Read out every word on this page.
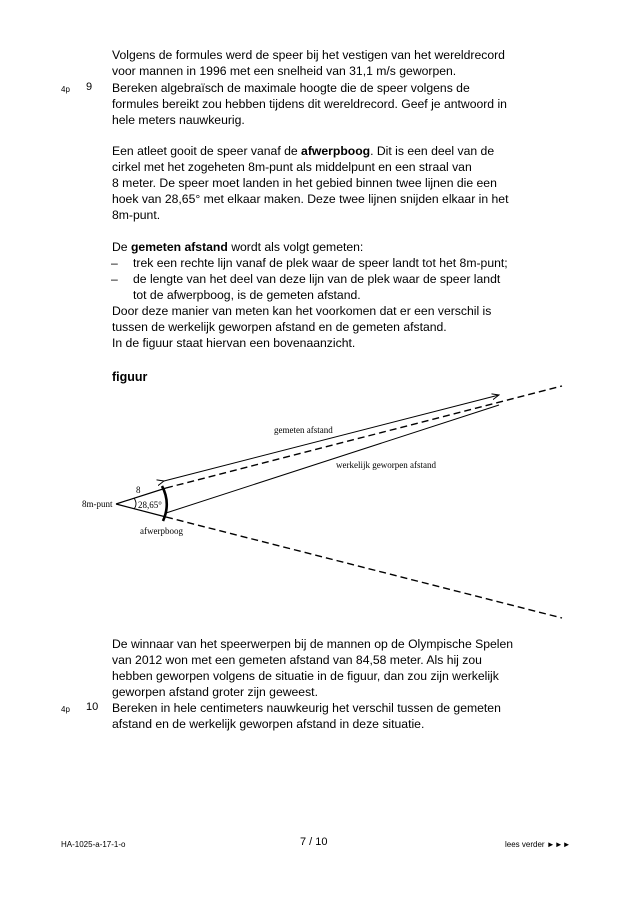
Volgens de formules werd de speer bij het vestigen van het wereldrecord

voor mannen in 1996 met een snelheid van 31,1 m/s geworpen.

4p 9 Bereken algebraïsch de maximale hoogte die de speer volgens de

formules bereikt zou hebben tijdens dit wereldrecord. Geef je antwoord in

hele meters nauwkeurig.

Een atleet gooit de speer vanaf de afwerpboog. Dit is een deel van de

cirkel met het zogeheten 8m-punt als middelpunt en een straal van

8 meter. De speer moet landen in het gebied binnen twee lijnen die een

hoek van 28,65° met elkaar maken. Deze twee lijnen snijden elkaar in het

8m-punt.

De gemeten afstand wordt als volgt gemeten:

– trek een rechte lijn vanaf de plek waar de speer landt tot het 8m-punt;

– de lengte van het deel van deze lijn van de plek waar de speer landt

tot de afwerpboog, is de gemeten afstand.

Door deze manier van meten kan het voorkomen dat er een verschil is

tussen de werkelijk geworpen afstand en de gemeten afstand.

In de figuur staat hiervan een bovenaanzicht.

figuur
gemeten afstand
werkelijk geworpen afstand
8
28,65°
8m-punt
afwerpboog

De winnaar van het speerwerpen bij de mannen op de Olympische Spelen

van 2012 won met een gemeten afstand van 84,58 meter. Als hij zou

hebben geworpen volgens de situatie in de figuur, dan zou zijn werkelijk

geworpen afstand groter zijn geweest.

4p 10 Bereken in hele centimeters nauwkeurig het verschil tussen de gemeten

afstand en de werkelijk geworpen afstand in deze situatie.

HA-1025-a-17-1-o	7 / 10	lees verder ►►►
